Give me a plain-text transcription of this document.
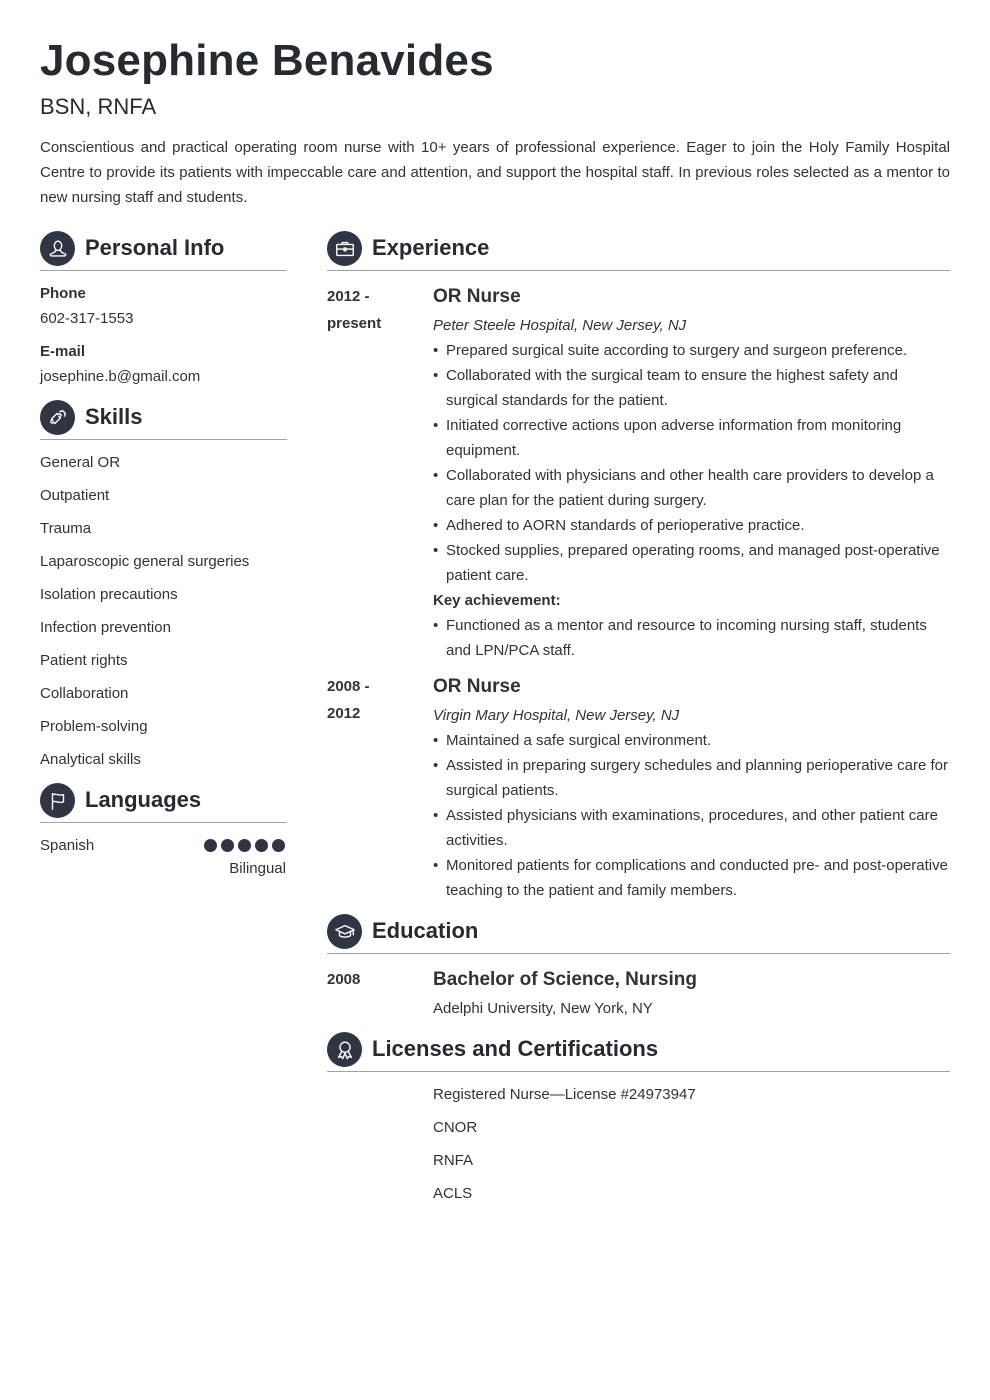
Josephine Benavides
BSN, RNFA

Conscientious and practical operating room nurse with 10+ years of professional experience. Eager to join the Holy Family Hospital Centre to provide its patients with impeccable care and attention, and support the hospital staff. In previous roles selected as a mentor to new nursing staff and students.

Personal Info
Phone
602-317-1553
E-mail
josephine.b@gmail.com
Skills
General OR
Outpatient
Trauma
Laparoscopic general surgeries
Isolation precautions
Infection prevention
Patient rights
Collaboration
Problem-solving
Analytical skills
Languages
Spanish
Bilingual
Experience
2012 -
present
OR Nurse
Peter Steele Hospital, New Jersey, NJ
• Prepared surgical suite according to surgery and surgeon preference.
• Collaborated with the surgical team to ensure the highest safety and surgical standards for the patient.
• Initiated corrective actions upon adverse information from monitoring equipment.
• Collaborated with physicians and other health care providers to develop a care plan for the patient during surgery.
• Adhered to AORN standards of perioperative practice.
• Stocked supplies, prepared operating rooms, and managed post-operative patient care.
Key achievement:
• Functioned as a mentor and resource to incoming nursing staff, students and LPN/PCA staff.
2008 -
2012
OR Nurse
Virgin Mary Hospital, New Jersey, NJ
• Maintained a safe surgical environment.
• Assisted in preparing surgery schedules and planning perioperative care for surgical patients.
• Assisted physicians with examinations, procedures, and other patient care activities.
• Monitored patients for complications and conducted pre- and post-operative teaching to the patient and family members.
Education
2008	Bachelor of Science, Nursing
Adelphi University, New York, NY
Licenses and Certifications
Registered Nurse—License #24973947
CNOR
RNFA
ACLS
